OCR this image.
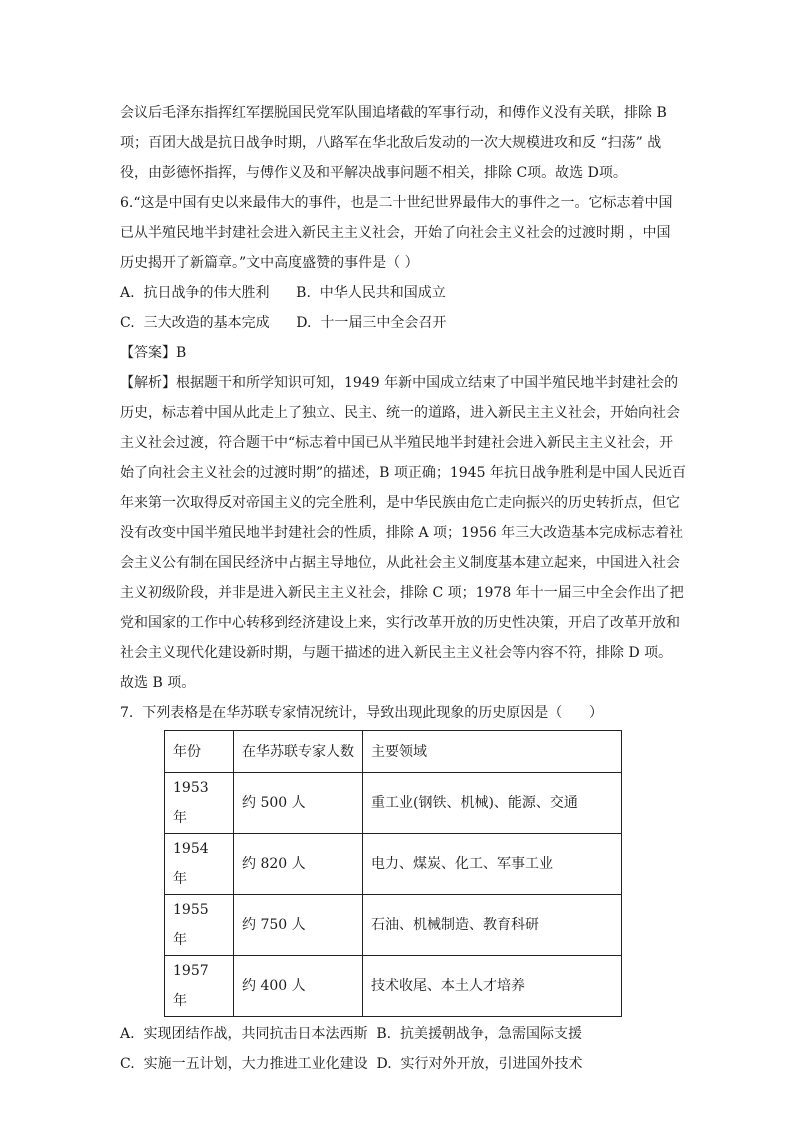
会议后毛泽东指挥红军摆脱国民党军队围追堵截的军事行动，和傅作义没有关联，排除 B
项；百团大战是抗日战争时期，八路军在华北敌后发动的一次大规模进攻和反 “扫荡” 战
役，由彭德怀指挥，与傅作义及和平解决战事问题不相关，排除 C项。故选 D项。
6.“这是中国有史以来最伟大的事件，也是二十世纪世界最伟大的事件之一。它标志着中国
已从半殖民地半封建社会进入新民主主义社会，开始了向社会主义社会的过渡时期 ，中国
历史揭开了新篇章。”文中高度盛赞的事件是（ ）
A.  抗日战争的伟大胜利      B.  中华人民共和国成立
C.  三大改造的基本完成      D.  十一届三中全会召开
【答案】B
【解析】根据题干和所学知识可知，1949 年新中国成立结束了中国半殖民地半封建社会的
历史，标志着中国从此走上了独立、民主、统一的道路，进入新民主主义社会，开始向社会
主义社会过渡，符合题干中“标志着中国已从半殖民地半封建社会进入新民主主义社会，开
始了向社会主义社会的过渡时期”的描述，B 项正确；1945 年抗日战争胜利是中国人民近百
年来第一次取得反对帝国主义的完全胜利，是中华民族由危亡走向振兴的历史转折点，但它
没有改变中国半殖民地半封建社会的性质，排除 A 项；1956 年三大改造基本完成标志着社
会主义公有制在国民经济中占据主导地位，从此社会主义制度基本建立起来，中国进入社会
主义初级阶段，并非是进入新民主主义社会，排除 C 项；1978 年十一届三中全会作出了把
党和国家的工作中心转移到经济建设上来，实行改革开放的历史性决策，开启了改革开放和
社会主义现代化建设新时期，与题干描述的进入新民主主义社会等内容不符，排除 D 项。
故选 B 项。
7.  下列表格是在华苏联专家情况统计，导致出现此现象的历史原因是（      ）
年份	在华苏联专家人数	主要领域
1953 年	约 500 人	重工业(钢铁、机械)、能源、交通
1954 年	约 820 人	电力、煤炭、化工、军事工业
1955 年	约 750 人	石油、机械制造、教育科研
1957 年	约 400 人	技术收尾、本土人才培养
A.  实现团结作战，共同抗击日本法西斯  B.  抗美援朝战争，急需国际支援
C.  实施一五计划，大力推进工业化建设  D.  实行对外开放，引进国外技术
